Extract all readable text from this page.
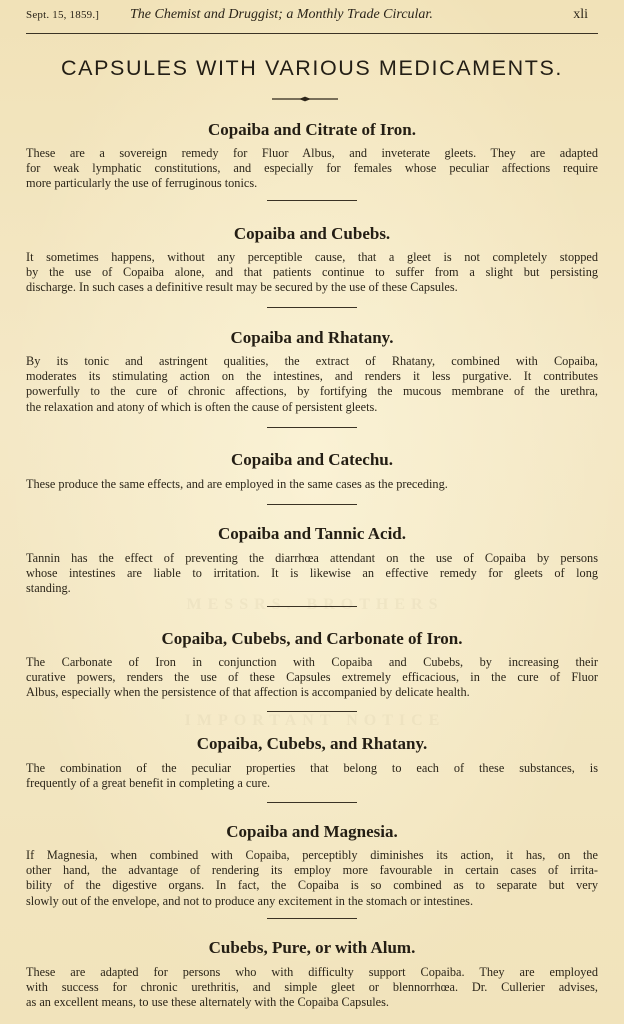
Sept. 15, 1859.] The Chemist and Druggist; a Monthly Trade Circular.	xli
MESSRS. BROTHERS
IMPORTANT NOTICE
CAPSULES WITH VARIOUS MEDICAMENTS.
Copaiba and Citrate of Iron.
These are a sovereign remedy for Fluor Albus, and inveterate gleets. They are adapted
for weak lymphatic constitutions, and especially for females whose peculiar affections require
more particularly the use of ferruginous tonics.
Copaiba and Cubebs.
It sometimes happens, without any perceptible cause, that a gleet is not completely stopped
by the use of Copaiba alone, and that patients continue to suffer from a slight but persisting
discharge. In such cases a definitive result may be secured by the use of these Capsules.
Copaiba and Rhatany.
By its tonic and astringent qualities, the extract of Rhatany, combined with Copaiba,
moderates its stimulating action on the intestines, and renders it less purgative. It contributes
powerfully to the cure of chronic affections, by fortifying the mucous membrane of the urethra,
the relaxation and atony of which is often the cause of persistent gleets.
Copaiba and Catechu.
These produce the same effects, and are employed in the same cases as the preceding.
Copaiba and Tannic Acid.
Tannin has the effect of preventing the diarrhœa attendant on the use of Copaiba by persons
whose intestines are liable to irritation. It is likewise an effective remedy for gleets of long
standing.
Copaiba, Cubebs, and Carbonate of Iron.
The Carbonate of Iron in conjunction with Copaiba and Cubebs, by increasing their
curative powers, renders the use of these Capsules extremely efficacious, in the cure of Fluor
Albus, especially when the persistence of that affection is accompanied by delicate health.
Copaiba, Cubebs, and Rhatany.
The combination of the peculiar properties that belong to each of these substances, is
frequently of a great benefit in completing a cure.
Copaiba and Magnesia.
If Magnesia, when combined with Copaiba, perceptibly diminishes its action, it has, on the
other hand, the advantage of rendering its employ more favourable in certain cases of irrita-
bility of the digestive organs. In fact, the Copaiba is so combined as to separate but very
slowly out of the envelope, and not to produce any excitement in the stomach or intestines.
Cubebs, Pure, or with Alum.
These are adapted for persons who with difficulty support Copaiba. They are employed
with success for chronic urethritis, and simple gleet or blennorrhœa. Dr. Cullerier advises,
as an excellent means, to use these alternately with the Copaiba Capsules.
